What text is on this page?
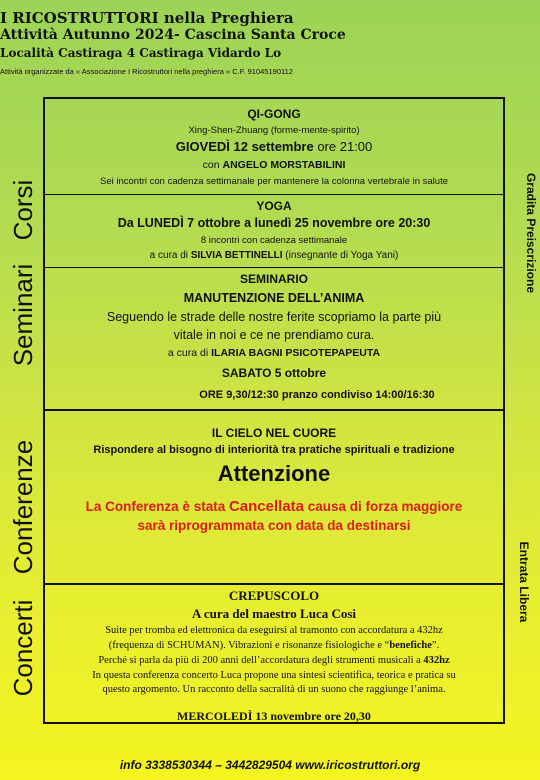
I RICOSTRUTTORI nella Preghiera
Attività Autunno 2024- Cascina Santa Croce
Località Castiraga 4 Castiraga Vidardo Lo
Attività organizzate da « Associazione I Ricostruttori nella preghiera » C.F. 91045190112
Corsi
Seminari
Conferenze
Concerti
Gradita Preiscrizione
Entrata Libera
QI-GONG
Xing-Shen-Zhuang (forme-mente-spirito)
GIOVEDÌ 12 settembre ore 21:00
con ANGELO MORSTABILINI
Sei incontri con cadenza settimanale per mantenere la colonna vertebrale in salute
YOGA
Da LUNEDÌ 7 ottobre a lunedì 25 novembre ore 20:30
8 incontri con cadenza settimanale
a cura di SILVIA BETTINELLI (insegnante di Yoga Yani)
SEMINARIO
MANUTENZIONE DELL’ANIMA
Seguendo le strade delle nostre ferite scopriamo la parte più
vitale in noi e ce ne prendiamo cura.
a cura di ILARIA BAGNI PSICOTEPAPEUTA
SABATO 5 ottobre
ORE 9,30/12:30 pranzo condiviso 14:00/16:30
IL CIELO NEL CUORE
Rispondere al bisogno di interiorità tra pratiche spirituali e tradizione
Attenzione
La Conferenza è stata Cancellata causa di forza maggiore
sarà riprogrammata con data da destinarsi
CREPUSCOLO
A cura del maestro Luca Cosi
Suite per tromba ed elettronica da eseguirsi al tramonto con accordatura a 432hz
(frequenza di SCHUMAN). Vibrazioni e risonanze fisiologiche e “benefiche”.
Perché si parla da più di 200 anni dell’accordatura degli strumenti musicali a 432hz
In questa conferenza concerto Luca propone una sintesi scientifica, teorica e pratica su
questo argomento. Un racconto della sacralità di un suono che raggiunge l’anima.
MERCOLEDÌ 13 novembre ore 20,30
info 3338530344 – 3442829504 www.iricostruttori.org
